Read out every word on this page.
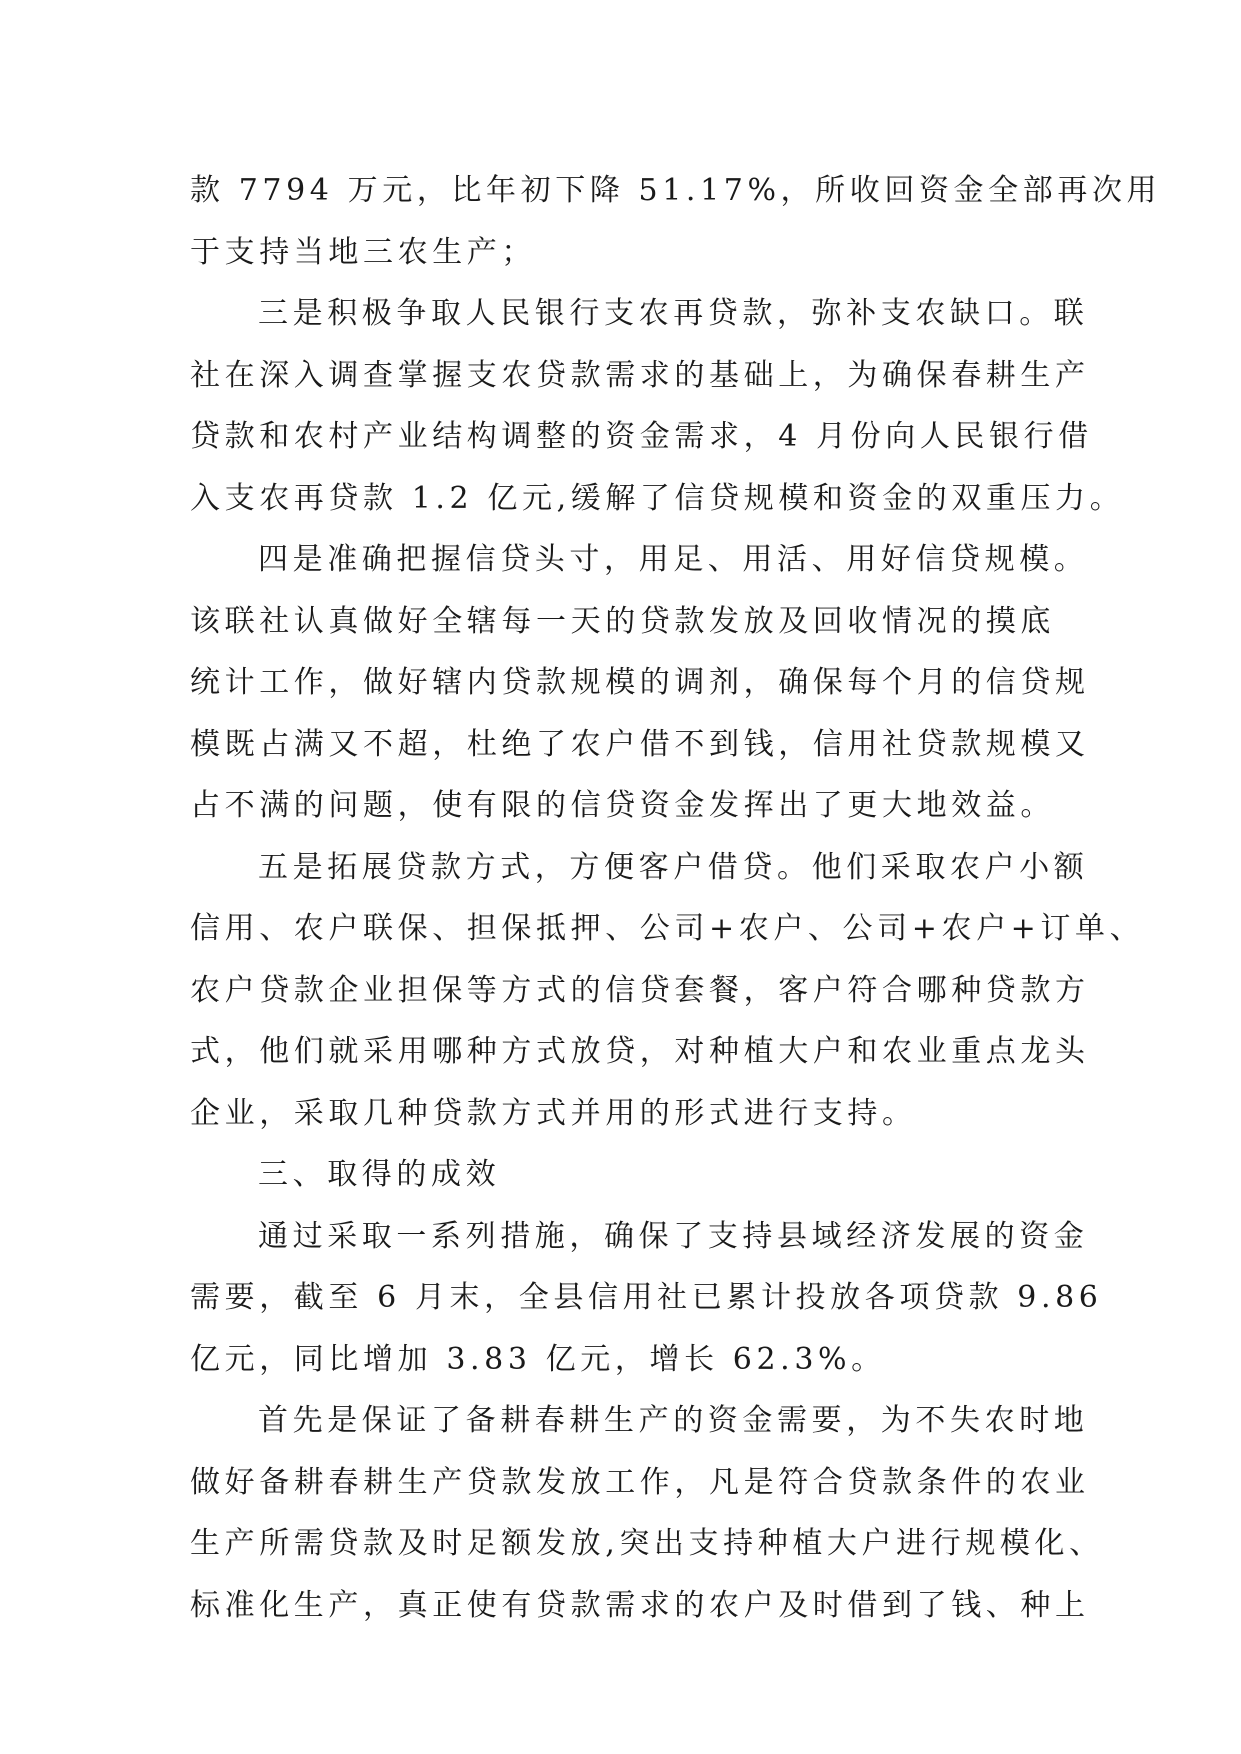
款 7794 万元，比年初下降 51.17%，所收回资金全部再次用
于支持当地三农生产；
三是积极争取人民银行支农再贷款，弥补支农缺口。联
社在深入调查掌握支农贷款需求的基础上，为确保春耕生产
贷款和农村产业结构调整的资金需求，4 月份向人民银行借
入支农再贷款 1.2 亿元,缓解了信贷规模和资金的双重压力。
四是准确把握信贷头寸，用足、用活、用好信贷规模。
该联社认真做好全辖每一天的贷款发放及回收情况的摸底
统计工作，做好辖内贷款规模的调剂，确保每个月的信贷规
模既占满又不超，杜绝了农户借不到钱，信用社贷款规模又
占不满的问题，使有限的信贷资金发挥出了更大地效益。
五是拓展贷款方式，方便客户借贷。他们采取农户小额
信用、农户联保、担保抵押、公司+农户、公司+农户+订单、
农户贷款企业担保等方式的信贷套餐，客户符合哪种贷款方
式，他们就采用哪种方式放贷，对种植大户和农业重点龙头
企业，采取几种贷款方式并用的形式进行支持。
三、取得的成效
通过采取一系列措施，确保了支持县域经济发展的资金
需要，截至 6 月末，全县信用社已累计投放各项贷款 9.86
亿元，同比增加 3.83 亿元，增长 62.3%。
首先是保证了备耕春耕生产的资金需要，为不失农时地
做好备耕春耕生产贷款发放工作，凡是符合贷款条件的农业
生产所需贷款及时足额发放,突出支持种植大户进行规模化、
标准化生产，真正使有贷款需求的农户及时借到了钱、种上
